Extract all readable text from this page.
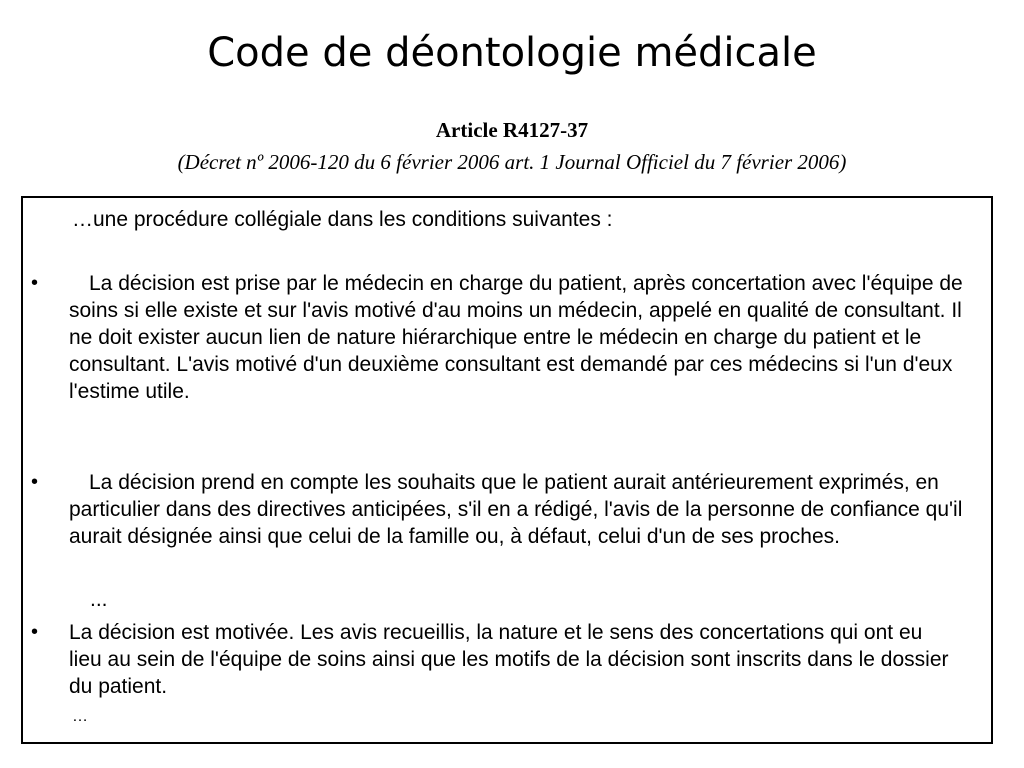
Code de déontologie médicale
Article R4127-37
(Décret nº 2006-120 du 6 février 2006 art. 1 Journal Officiel du 7 février 2006)
…une procédure collégiale dans les conditions suivantes :
•	La décision est prise par le médecin en charge du patient, après concertation avec l'équipe de soins si elle existe et sur l'avis motivé d'au moins un médecin, appelé en qualité de consultant. Il ne doit exister aucun lien de nature hiérarchique entre le médecin en charge du patient et le consultant. L'avis motivé d'un deuxième consultant est demandé par ces médecins si l'un d'eux l'estime utile.
•	La décision prend en compte les souhaits que le patient aurait antérieurement exprimés, en particulier dans des directives anticipées, s'il en a rédigé, l'avis de la personne de confiance qu'il aurait désignée ainsi que celui de la famille ou, à défaut, celui d'un de ses proches.
...
• La décision est motivée. Les avis recueillis, la nature et le sens des concertations qui ont eu lieu au sein de l'équipe de soins ainsi que les motifs de la décision sont inscrits dans le dossier du patient.
…
